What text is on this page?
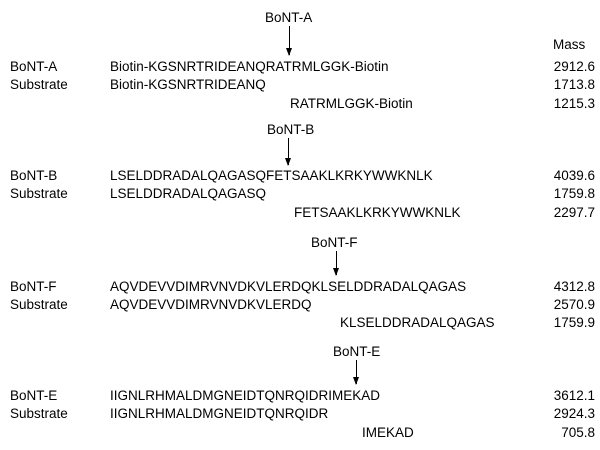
Mass
BoNT-A
BoNT-A
Substrate
Biotin-KGSNRTRIDEANQRATRMLGGK-Biotin
Biotin-KGSNRTRIDEANQ
RATRMLGGK-Biotin
2912.6
1713.8
1215.3
BoNT-B
BoNT-B
Substrate
LSELDDRADALQAGASQFETSAAKLKRKYWWKNLK
LSELDDRADALQAGASQ
FETSAAKLKRKYWWKNLK
4039.6
1759.8
2297.7
BoNT-F
BoNT-F
Substrate
AQVDEVVDIMRVNVDKVLERDQKLSELDDRADALQAGAS
AQVDEVVDIMRVNVDKVLERDQ
KLSELDDRADALQAGAS
4312.8
2570.9
1759.9
BoNT-E
BoNT-E
Substrate
IIGNLRHMALDMGNEIDTQNRQIDRIMEKAD
IIGNLRHMALDMGNEIDTQNRQIDR
IMEKAD
3612.1
2924.3
705.8
